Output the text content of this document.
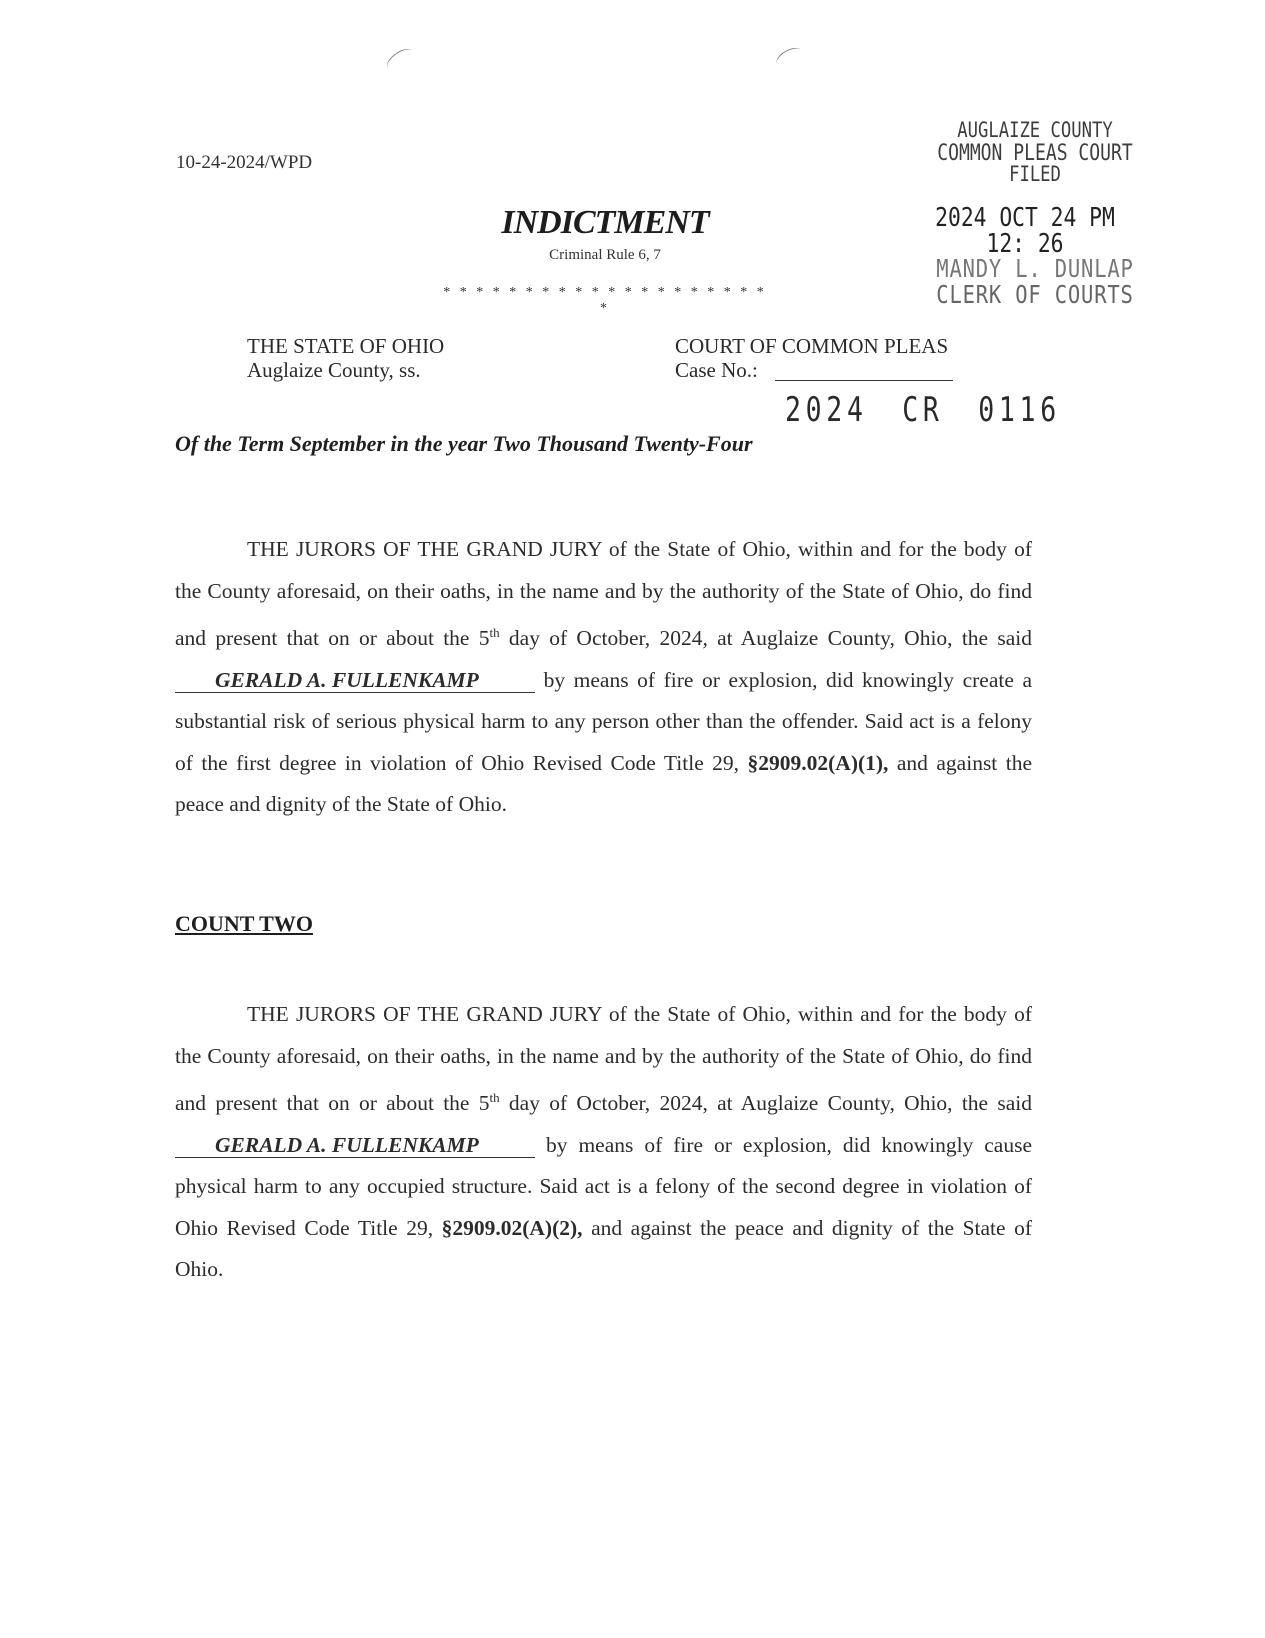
10-24-2024/WPD
AUGLAIZE COUNTY
COMMON PLEAS COURT
FILED
2024 OCT 24 PM 12: 26
MANDY L. DUNLAP
CLERK OF COURTS
INDICTMENT
Criminal Rule 6, 7
* * * * * * * * * * * * * * * * * * * * *
THE STATE OF OHIO
Auglaize County, ss.
COURT OF COMMON PLEAS
Case No.:
2024 CR 0116
Of the Term September in the year Two Thousand Twenty-Four
THE JURORS OF THE GRAND JURY of the State of Ohio, within and for the body of the County aforesaid, on their oaths, in the name and by the authority of the State of Ohio, do find and present that on or about the 5th day of October, 2024, at Auglaize County, Ohio, the said GERALD A. FULLENKAMP	by means of fire or explosion, did knowingly create a substantial risk of serious physical harm to any person other than the offender. Said act is a felony of the first degree in violation of Ohio Revised Code Title 29, §2909.02(A)(1), and against the peace and dignity of the State of Ohio.
COUNT TWO
THE JURORS OF THE GRAND JURY of the State of Ohio, within and for the body of the County aforesaid, on their oaths, in the name and by the authority of the State of Ohio, do find and present that on or about the 5th day of October, 2024, at Auglaize County, Ohio, the said GERALD A. FULLENKAMP	by means of fire or explosion, did knowingly cause physical harm to any occupied structure. Said act is a felony of the second degree in violation of Ohio Revised Code Title 29, §2909.02(A)(2), and against the peace and dignity of the State of Ohio.
